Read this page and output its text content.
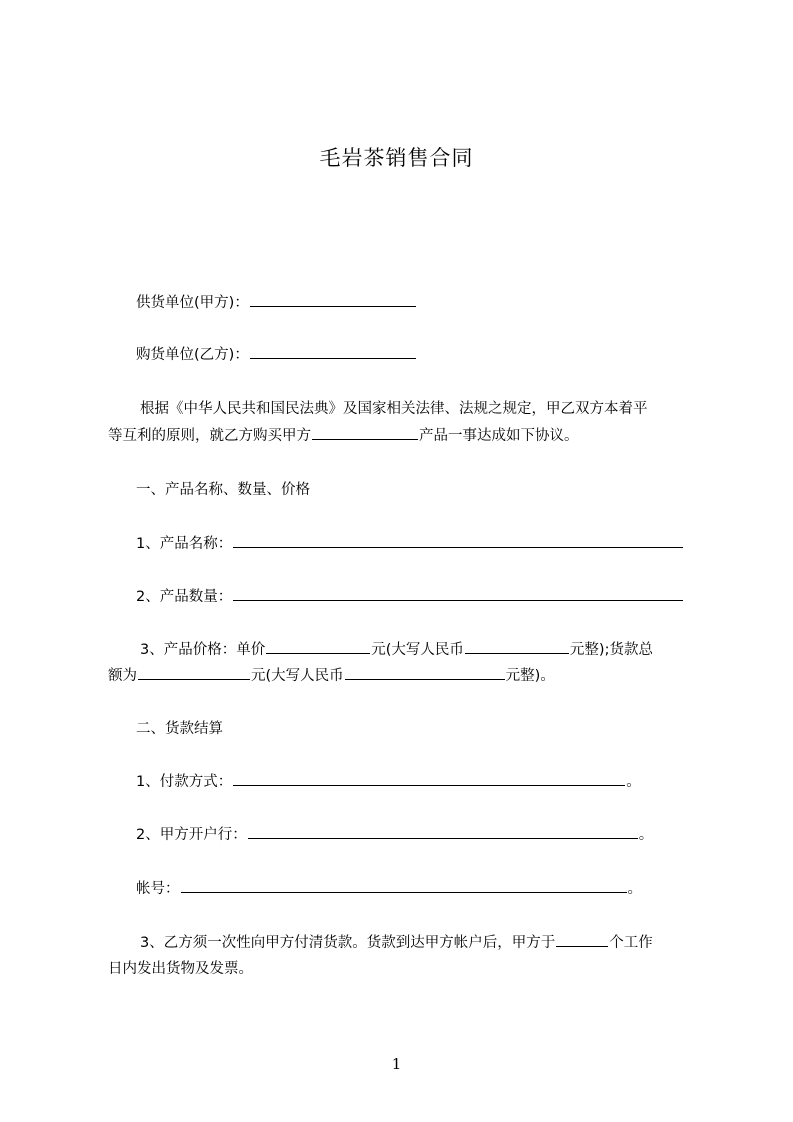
毛岩茶销售合同
供货单位(甲方)：
购货单位(乙方)：
根据《中华人民共和国民法典》及国家相关法律、法规之规定，甲乙双方本着平
等互利的原则，就乙方购买甲方	产品一事达成如下协议。
一、产品名称、数量、价格
1、产品名称：
2、产品数量：
3、产品价格：单价	元(大写人民币	元整);货款总
额为	元(大写人民币	元整)。
二、货款结算
1、付款方式：	。
2、甲方开户行：	。
帐号：	。
3、乙方须一次性向甲方付清货款。货款到达甲方帐户后，甲方于	个工作
日内发出货物及发票。
1
